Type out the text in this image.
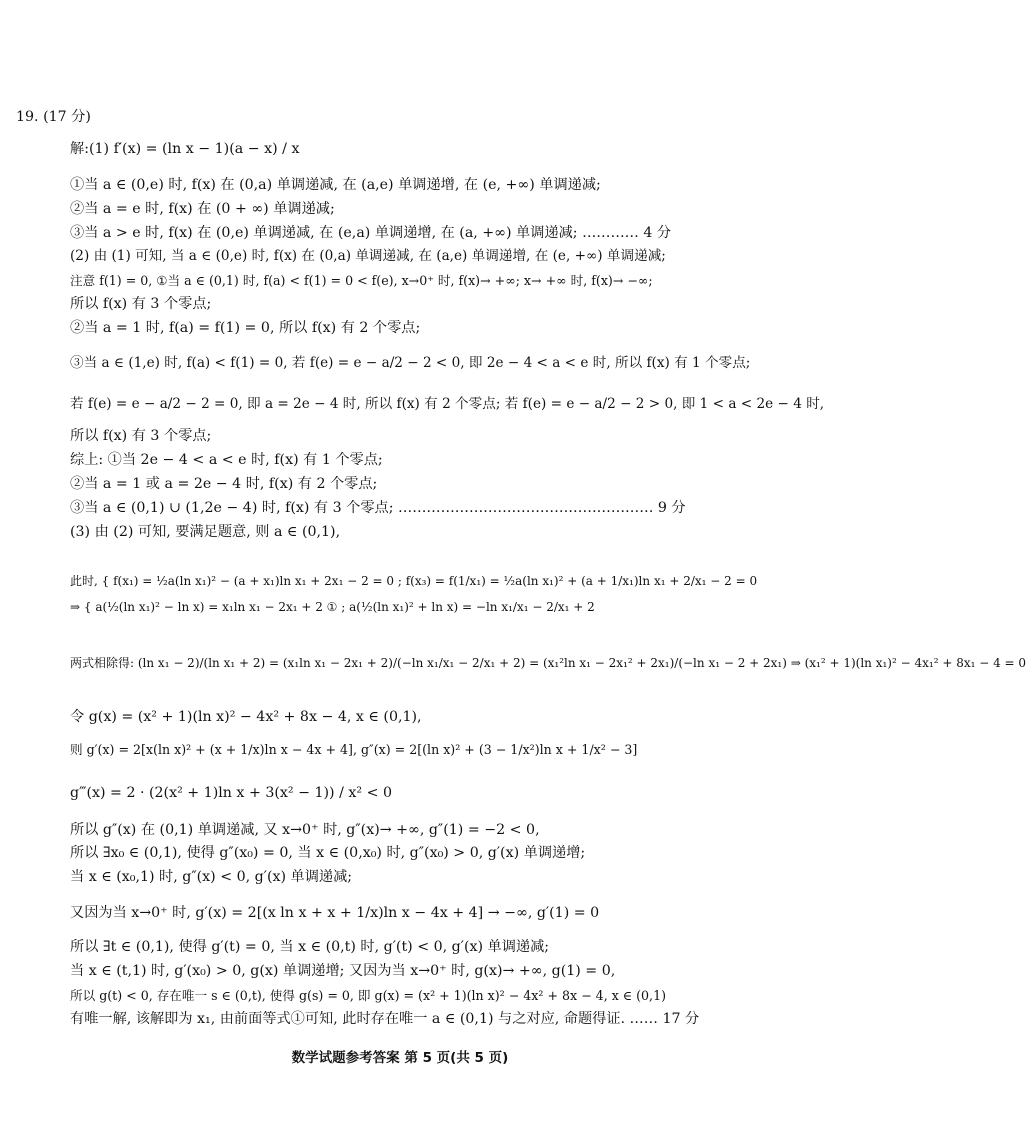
19. (17 分)
解:(1) f′(x) = (ln x − 1)(a − x) / x
①当 a ∈ (0,e) 时, f(x) 在 (0,a) 单调递减, 在 (a,e) 单调递增, 在 (e, +∞) 单调递减;
②当 a = e 时, f(x) 在 (0 + ∞) 单调递减;
③当 a > e 时, f(x) 在 (0,e) 单调递减, 在 (e,a) 单调递增, 在 (a, +∞) 单调递减; ………… 4 分
(2) 由 (1) 可知, 当 a ∈ (0,e) 时, f(x) 在 (0,a) 单调递减, 在 (a,e) 单调递增, 在 (e, +∞) 单调递减;
注意 f(1) = 0, ①当 a ∈ (0,1) 时, f(a) < f(1) = 0 < f(e), x→0⁺ 时, f(x)→ +∞; x→ +∞ 时, f(x)→ −∞;
所以 f(x) 有 3 个零点;
②当 a = 1 时, f(a) = f(1) = 0, 所以 f(x) 有 2 个零点;
③当 a ∈ (1,e) 时, f(a) < f(1) = 0, 若 f(e) = e − a/2 − 2 < 0, 即 2e − 4 < a < e 时, 所以 f(x) 有 1 个零点;
若 f(e) = e − a/2 − 2 = 0, 即 a = 2e − 4 时, 所以 f(x) 有 2 个零点; 若 f(e) = e − a/2 − 2 > 0, 即 1 < a < 2e − 4 时,
所以 f(x) 有 3 个零点;
综上: ①当 2e − 4 < a < e 时, f(x) 有 1 个零点;
②当 a = 1 或 a = 2e − 4 时, f(x) 有 2 个零点;
③当 a ∈ (0,1) ∪ (1,2e − 4) 时, f(x) 有 3 个零点; ……………………………………………… 9 分
(3) 由 (2) 可知, 要满足题意, 则 a ∈ (0,1),
此时, { f(x₁) = ½a(ln x₁)² − (a + x₁)ln x₁ + 2x₁ − 2 = 0 ; f(x₃) = f(1/x₁) = ½a(ln x₁)² + (a + 1/x₁)ln x₁ + 2/x₁ − 2 = 0
⇒ { a(½(ln x₁)² − ln x) = x₁ln x₁ − 2x₁ + 2 ① ; a(½(ln x₁)² + ln x) = −ln x₁/x₁ − 2/x₁ + 2
两式相除得: (ln x₁ − 2)/(ln x₁ + 2) = (x₁ln x₁ − 2x₁ + 2)/(−ln x₁/x₁ − 2/x₁ + 2) = (x₁²ln x₁ − 2x₁² + 2x₁)/(−ln x₁ − 2 + 2x₁) ⇒ (x₁² + 1)(ln x₁)² − 4x₁² + 8x₁ − 4 = 0
令 g(x) = (x² + 1)(ln x)² − 4x² + 8x − 4, x ∈ (0,1),
则 g′(x) = 2[x(ln x)² + (x + 1/x)ln x − 4x + 4], g″(x) = 2[(ln x)² + (3 − 1/x²)ln x + 1/x² − 3]
g‴(x) = 2 · (2(x² + 1)ln x + 3(x² − 1)) / x² < 0
所以 g″(x) 在 (0,1) 单调递减, 又 x→0⁺ 时, g″(x)→ +∞, g″(1) = −2 < 0,
所以 ∃x₀ ∈ (0,1), 使得 g″(x₀) = 0, 当 x ∈ (0,x₀) 时, g″(x₀) > 0, g′(x) 单调递增;
当 x ∈ (x₀,1) 时, g″(x) < 0, g′(x) 单调递减;
又因为当 x→0⁺ 时, g′(x) = 2[(x ln x + x + 1/x)ln x − 4x + 4] → −∞, g′(1) = 0
所以 ∃t ∈ (0,1), 使得 g′(t) = 0, 当 x ∈ (0,t) 时, g′(t) < 0, g′(x) 单调递减;
当 x ∈ (t,1) 时, g′(x₀) > 0, g(x) 单调递增; 又因为当 x→0⁺ 时, g(x)→ +∞, g(1) = 0,
所以 g(t) < 0, 存在唯一 s ∈ (0,t), 使得 g(s) = 0, 即 g(x) = (x² + 1)(ln x)² − 4x² + 8x − 4, x ∈ (0,1)
有唯一解, 该解即为 x₁, 由前面等式①可知, 此时存在唯一 a ∈ (0,1) 与之对应, 命题得证. …… 17 分
数学试题参考答案 第 5 页(共 5 页)
